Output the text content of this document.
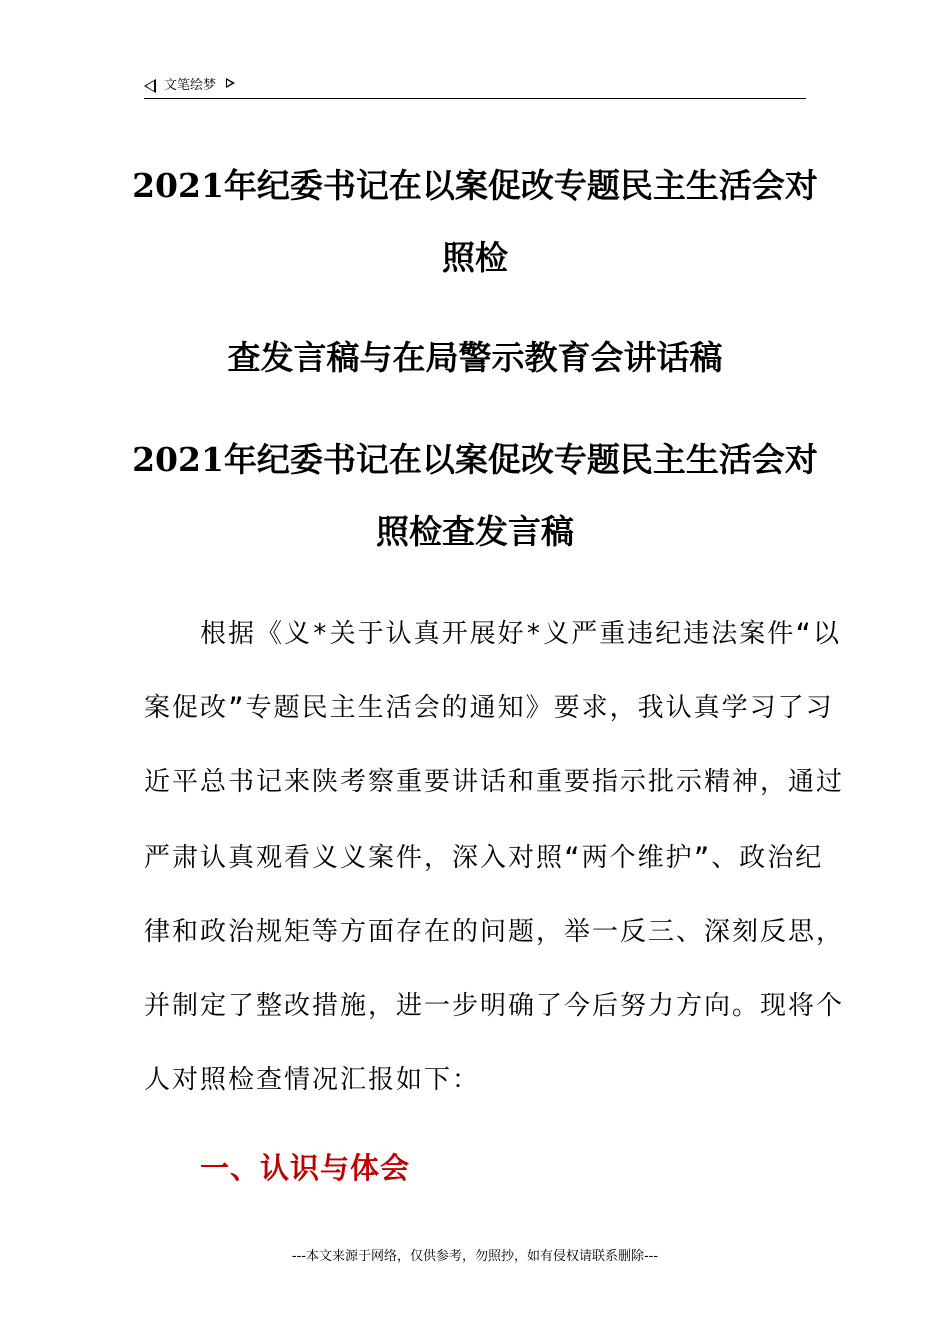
文笔绘梦
2021年纪委书记在以案促改专题民主生活会对
照检
查发言稿与在局警示教育会讲话稿
2021年纪委书记在以案促改专题民主生活会对
照检查发言稿
根据《义*关于认真开展好*义严重违纪违法案件“以
案促改”专题民主生活会的通知》要求，我认真学习了习
近平总书记来陕考察重要讲话和重要指示批示精神，通过
严肃认真观看义义案件，深入对照“两个维护”、政治纪
律和政治规矩等方面存在的问题，举一反三、深刻反思，
并制定了整改措施，进一步明确了今后努力方向。现将个
人对照检查情况汇报如下：
一、认识与体会
---本文来源于网络，仅供参考，勿照抄，如有侵权请联系删除---
